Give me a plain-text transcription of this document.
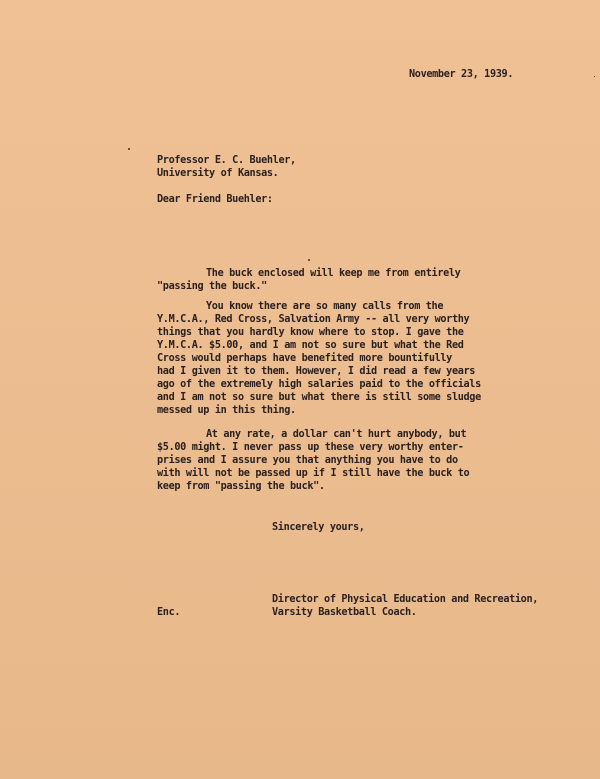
November 23, 1939.
Professor E. C. Buehler,
University of Kansas.
Dear Friend Buehler:
The buck enclosed will keep me from entirely
"passing the buck."
You know there are so many calls from the
Y.M.C.A., Red Cross, Salvation Army -- all very worthy
things that you hardly know where to stop. I gave the
Y.M.C.A. $5.00, and I am not so sure but what the Red
Cross would perhaps have benefited more bountifully
had I given it to them. However, I did read a few years
ago of the extremely high salaries paid to the officials
and I am not so sure but what there is still some sludge
messed up in this thing.
At any rate, a dollar can't hurt anybody, but
$5.00 might. I never pass up these very worthy enter-
prises and I assure you that anything you have to do
with will not be passed up if I still have the buck to
keep from "passing the buck".
Sincerely yours,
Director of Physical Education and Recreation,
Varsity Basketball Coach.
Enc.
